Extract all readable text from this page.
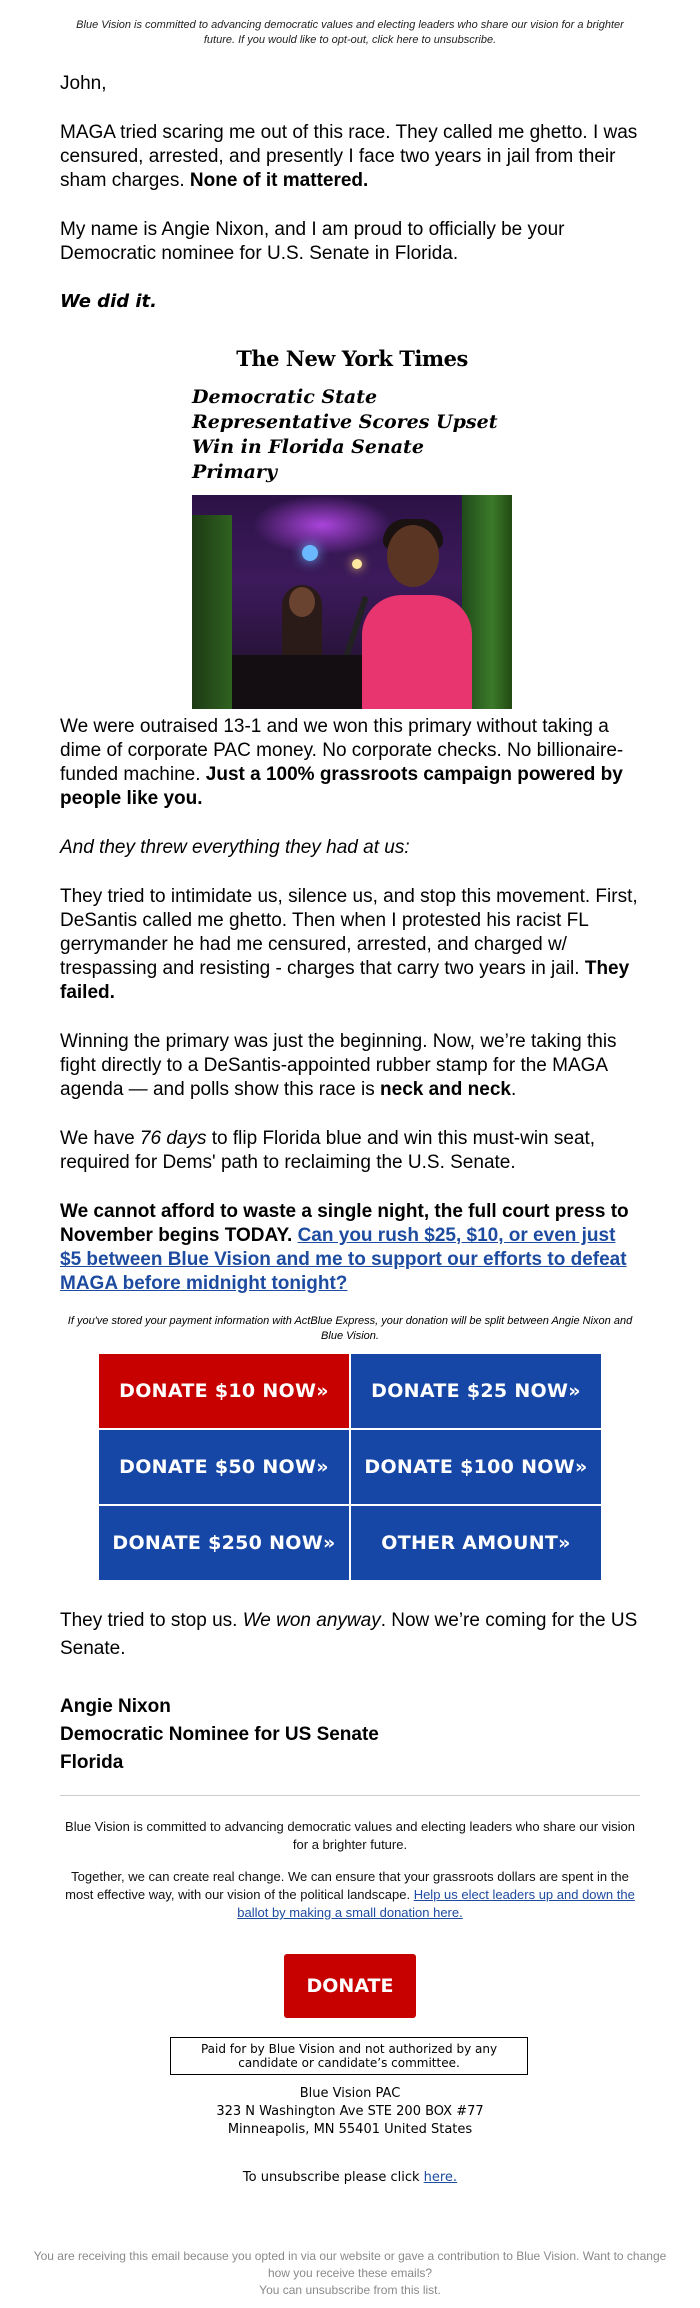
Blue Vision is committed to advancing democratic values and electing leaders who share our vision for a brighter future. If you would like to opt-out, click here to unsubscribe.

John,

MAGA tried scaring me out of this race. They called me ghetto. I was censured, arrested, and presently I face two years in jail from their sham charges. None of it mattered.

My name is Angie Nixon, and I am proud to officially be your Democratic nominee for U.S. Senate in Florida.

We did it.
The New York Times
Democratic State Representative Scores Upset Win in Florida Senate Primary

We were outraised 13-1 and we won this primary without taking a dime of corporate PAC money. No corporate checks. No billionaire-funded machine. Just a 100% grassroots campaign powered by people like you.

And they threw everything they had at us:

They tried to intimidate us, silence us, and stop this movement. First, DeSantis called me ghetto. Then when I protested his racist FL gerrymander he had me censured, arrested, and charged w/ trespassing and resisting - charges that carry two years in jail. They failed.

Winning the primary was just the beginning. Now, we’re taking this fight directly to a DeSantis-appointed rubber stamp for the MAGA agenda — and polls show this race is neck and neck.

We have 76 days to flip Florida blue and win this must-win seat, required for Dems' path to reclaiming the U.S. Senate.

We cannot afford to waste a single night, the full court press to November begins TODAY. Can you rush $25, $10, or even just $5 between Blue Vision and me to support our efforts to defeat MAGA before midnight tonight?

If you've stored your payment information with ActBlue Express, your donation will be split between Angie Nixon and Blue Vision.
DONATE $10 NOW»	DONATE $25 NOW»
DONATE $50 NOW»	DONATE $100 NOW»
DONATE $250 NOW»	OTHER AMOUNT»

They tried to stop us. We won anyway. Now we’re coming for the US Senate.

Angie Nixon
Democratic Nominee for US Senate
Florida

Blue Vision is committed to advancing democratic values and electing leaders who share our vision for a brighter future.

Together, we can create real change. We can ensure that your grassroots dollars are spent in the most effective way, with our vision of the political landscape. Help us elect leaders up and down the ballot by making a small donation here.

DONATE
Paid for by Blue Vision and not authorized by any candidate or candidate’s committee.
Blue Vision PAC
323 N Washington Ave STE 200 BOX #77
Minneapolis, MN 55401 United States
To unsubscribe please click here.
You are receiving this email because you opted in via our website or gave a contribution to Blue Vision. Want to change how you receive these emails?
You can unsubscribe from this list.
